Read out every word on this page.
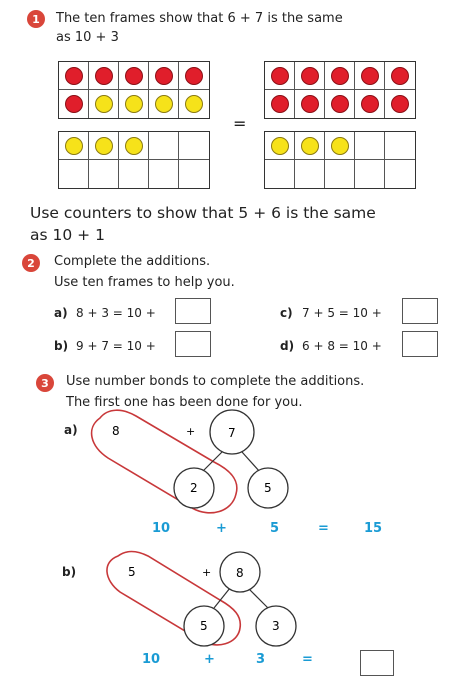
1	The ten frames show that 6 + 7 is the same
as 10 + 3
=
Use counters to show that 5 + 6 is the same
as 10 + 1
2	Complete the additions.
Use ten frames to help you.
a) 8 + 3 = 10 +
b) 9 + 7 = 10 +
c) 7 + 5 = 10 +
d) 6 + 8 = 10 +
3	Use number bonds to complete the additions.
The first one has been done for you.
a)	8	+	7
2	5
10	+	5	=	15
b)	5	+ 8
5	3
10	+	3	=
